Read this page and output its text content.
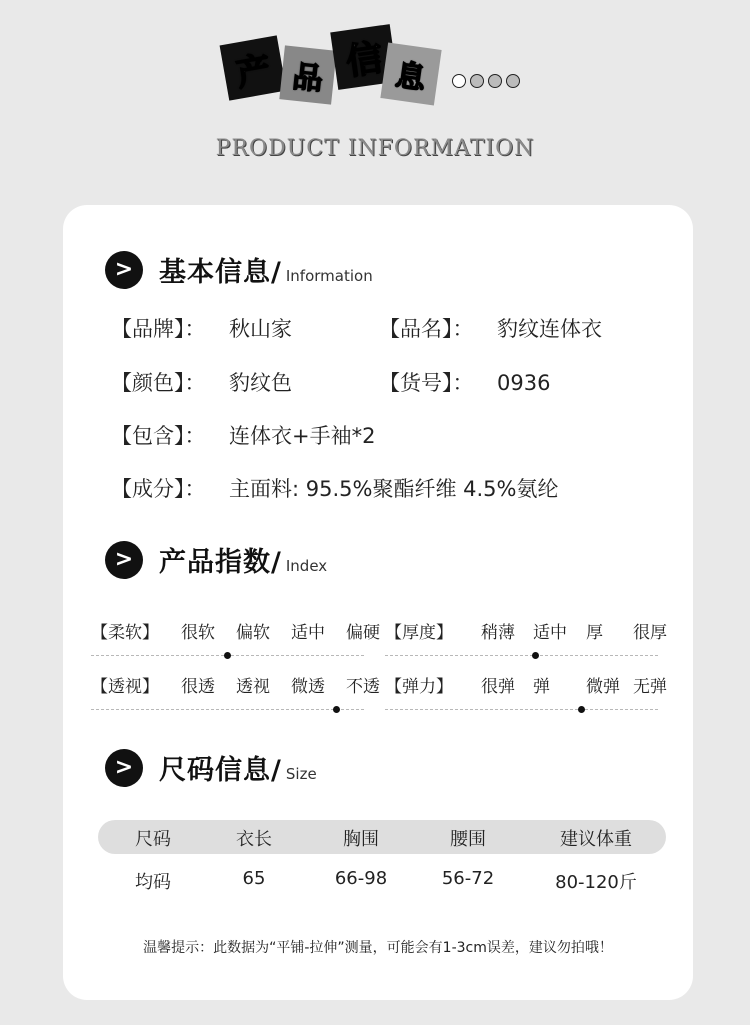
产 品 信 息
PRODUCT INFORMATION
> 基本信息/ Information
【品牌】： 秋山家	【品名】： 豹纹连体衣
【颜色】： 豹纹色	【货号】： 0936
【包含】： 连体衣+手袖*2
【成分】： 主面料: 95.5%聚酯纤维 4.5%氨纶
> 产品指数/ Index
【柔软】 很软 偏软 适中 偏硬 【厚度】 稍薄 适中 厚 很厚
【透视】 很透 透视 微透 不透 【弹力】 很弹 弹 微弹 无弹
> 尺码信息/ Size
尺码	衣长	胸围	腰围	建议体重
均码	65	66-98	56-72	80-120斤
温馨提示：此数据为“平铺-拉伸”测量，可能会有1-3cm误差，建议勿拍哦！
